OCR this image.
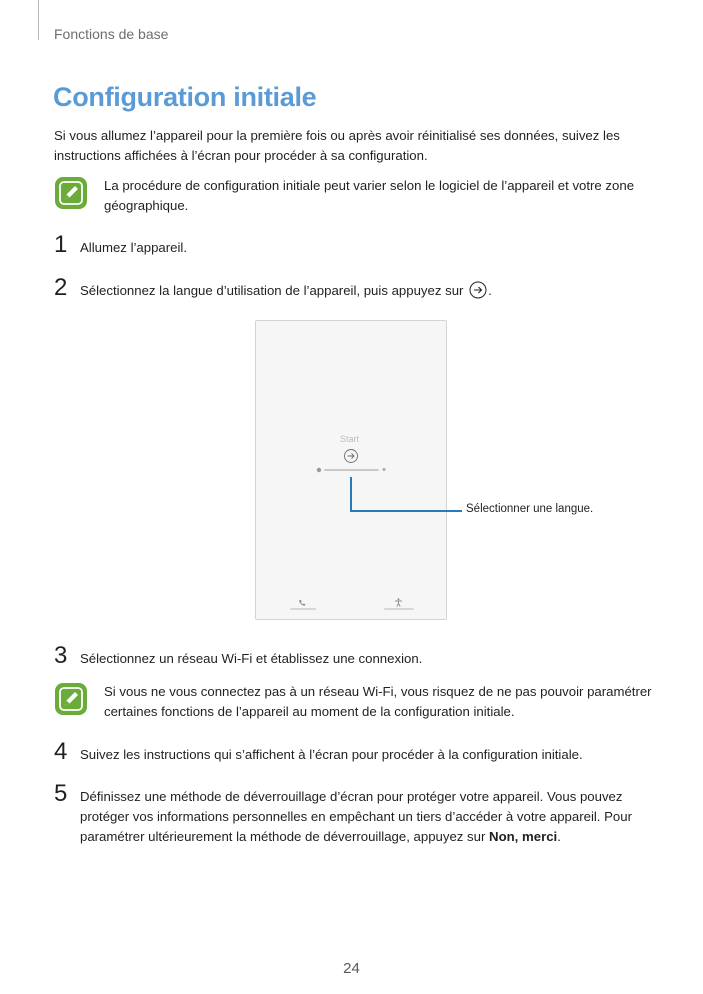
Fonctions de base
Configuration initiale
Si vous allumez l’appareil pour la première fois ou après avoir réinitialisé ses données, suivez les instructions affichées à l’écran pour procéder à sa configuration.
La procédure de configuration initiale peut varier selon le logiciel de l’appareil et votre zone géographique.
1 Allumez l’appareil.
2 Sélectionnez la langue d’utilisation de l’appareil, puis appuyez sur .
Start
Sélectionner une langue.
3 Sélectionnez un réseau Wi-Fi et établissez une connexion.
Si vous ne vous connectez pas à un réseau Wi-Fi, vous risquez de ne pas pouvoir paramétrer certaines fonctions de l’appareil au moment de la configuration initiale.
4 Suivez les instructions qui s’affichent à l’écran pour procéder à la configuration initiale.
5 Définissez une méthode de déverrouillage d’écran pour protéger votre appareil. Vous pouvez protéger vos informations personnelles en empêchant un tiers d’accéder à votre appareil. Pour paramétrer ultérieurement la méthode de déverrouillage, appuyez sur Non, merci.
24
